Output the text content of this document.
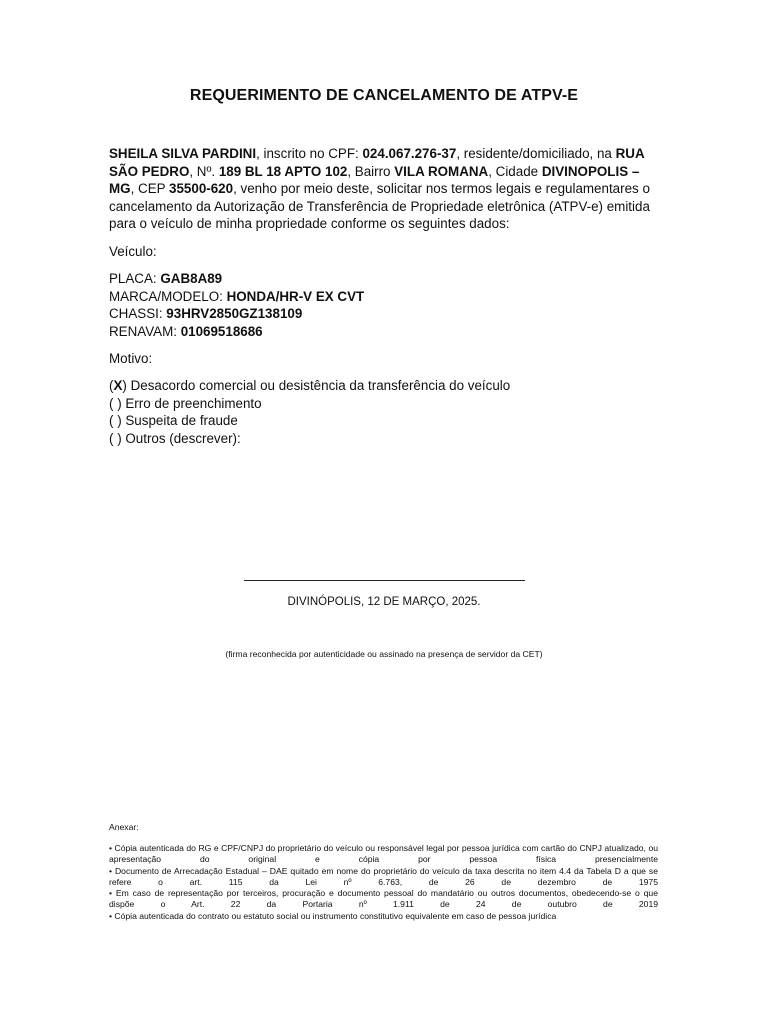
REQUERIMENTO DE CANCELAMENTO DE ATPV-E
SHEILA SILVA PARDINI, inscrito no CPF: 024.067.276-37, residente/domiciliado, na RUA SÃO PEDRO, Nº. 189 BL 18 APTO 102, Bairro VILA ROMANA, Cidade DIVINOPOLIS – MG, CEP 35500-620, venho por meio deste, solicitar nos termos legais e regulamentares o cancelamento da Autorização de Transferência de Propriedade eletrônica (ATPV-e) emitida para o veículo de minha propriedade conforme os seguintes dados:
Veículo:
PLACA: GAB8A89
MARCA/MODELO: HONDA/HR-V EX CVT
CHASSI: 93HRV2850GZ138109
RENAVAM: 01069518686
Motivo:
(X) Desacordo comercial ou desistência da transferência do veículo
( ) Erro de preenchimento
( ) Suspeita de fraude
( ) Outros (descrever):
DIVINÓPOLIS, 12 DE MARÇO, 2025.
(firma reconhecida por autenticidade ou assinado na presença de servidor da CET)
Anexar:
• Cópia autenticada do RG e CPF/CNPJ do proprietário do veículo ou responsável legal por pessoa jurídica com cartão do CNPJ atualizado, ou apresentação do original e cópia por pessoa física presencialmente
• Documento de Arrecadação Estadual – DAE quitado em nome do proprietário do veículo da taxa descrita no item 4.4 da Tabela D a que se refere o art. 115 da Lei nº 6.763, de 26 de dezembro de 1975
• Em caso de representação por terceiros, procuração e documento pessoal do mandatário ou outros documentos, obedecendo-se o que dispõe o Art. 22 da Portaria nº 1.911 de 24 de outubro de 2019
• Cópia autenticada do contrato ou estatuto social ou instrumento constitutivo equivalente em caso de pessoa jurídica
